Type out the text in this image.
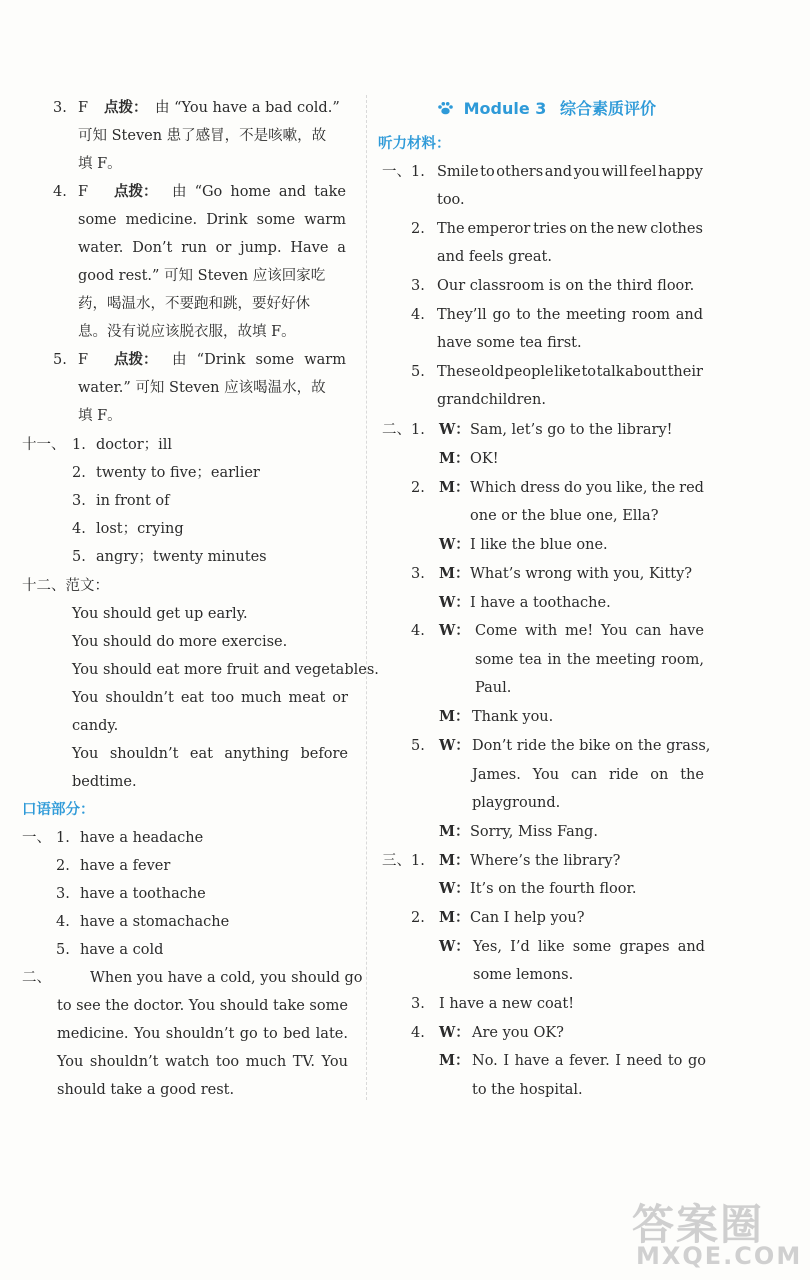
3. F 点拨： 由 “You have a bad cold.”
可知 Steven 患了感冒，不是咳嗽，故
填 F。
4. F 点拨： 由 “Go home and take
some medicine. Drink some warm
water. Don’t run or jump. Have a
good rest.” 可知 Steven 应该回家吃
药，喝温水，不要跑和跳，要好好休
息。没有说应该脱衣服，故填 F。
5. F 点拨： 由 “Drink some warm
water.” 可知 Steven 应该喝温水，故
填 F。
十一、 1. doctor；ill
2. twenty to five；earlier
3. in front of
4. lost；crying
5. angry；twenty minutes
十二、范文：
You should get up early.
You should do more exercise.
You should eat more fruit and vegetables.
You shouldn’t eat too much meat or
candy.
You shouldn’t eat anything before
bedtime.
口语部分：
一、 1. have a headache
2. have a fever
3. have a toothache
4. have a stomachache
5. have a cold
二、	When you have a cold, you should go
to see the doctor. You should take some
medicine. You shouldn’t go to bed late.
You shouldn’t watch too much TV. You
should take a good rest.
Module 3 综合素质评价
听力材料：
一、 1. Smile to others and you will feel happy
too.
2. The emperor tries on the new clothes
and feels great.
3. Our classroom is on the third floor.
4. They’ll go to the meeting room and
have some tea first.
5. These old people like to talk about their
grandchildren.
二、 1. W： Sam, let’s go to the library!
M： OK!
2. M： Which dress do you like, the red
one or the blue one, Ella?
W： I like the blue one.
3. M： What’s wrong with you, Kitty?
W： I have a toothache.
4. W： Come with me! You can have
some tea in the meeting room,
Paul.
M： Thank you.
5. W： Don’t ride the bike on the grass,
James. You can ride on the
playground.
M： Sorry, Miss Fang.
三、 1. M： Where’s the library?
W： It’s on the fourth floor.
2. M： Can I help you?
W： Yes, I’d like some grapes and
some lemons.
3. I have a new coat!
4. W： Are you OK?
M： No. I have a fever. I need to go
to the hospital.
答案圈
MXQE.COM
